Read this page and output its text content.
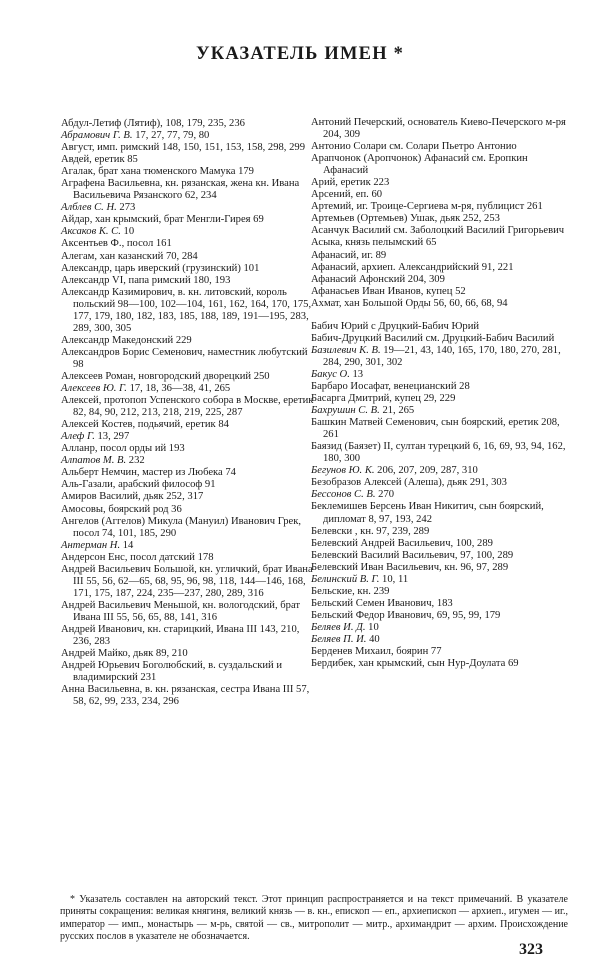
УКАЗАТЕЛЬ ИМЕН *
Абдул-Летиф (Лятиф), 108, 179, 235, 236
Абрамович Г. В. 17, 27, 77, 79, 80
Август, имп. римский 148, 150, 151, 153, 158, 298, 299
Авдей, еретик 85
Агалак, брат хана тюменского Мамука 179
Аграфена Васильевна, кн. рязанская, жена кн. Ивана Васильевича Рязанского 62, 234
Алблев С. Н. 273
Айдар, хан крымский, брат Менгли-Гирея 69
Аксаков К. С. 10
Аксентьев Ф., посол 161
Алегам, хан казанский 70, 284
Александр, царь иверский (грузинский) 101
Александр VI, папа римский 180, 193
Александр Казимирович, в. кн. литовский, король польский 98—100, 102—104, 161, 162, 164, 170, 175, 177, 179, 180, 182, 183, 185, 188, 189, 191—195, 283, 289, 300, 305
Александр Македонский 229
Александров Борис Семенович, наместник любутский 98
Алексеев Роман, новгородский дворецкий 250
Алексеев Ю. Г. 17, 18, 36—38, 41, 265
Алексей, протопоп Успенского собора в Москве, еретик 82, 84, 90, 212, 213, 218, 219, 225, 287
Алексей Костев, подьячий, еретик 84
Алеф Г. 13, 297
Алланр, посол орды ий 193
Алпатов М. В. 232
Альберт Немчин, мастер из Любека 74
Аль-Газали, арабский философ 91
Амиров Василий, дьяк 252, 317
Амосовы, боярский род 36
Ангелов (Аггелов) Микула (Мануил) Иванович Грек, посол 74, 101, 185, 290
Антерман Н. 14
Андерсон Енс, посол датский 178
Андрей Васильевич Большой, кн. угличкий, брат Ивана III 55, 56, 62—65, 68, 95, 96, 98, 118, 144—146, 168, 171, 175, 187, 224, 235—237, 280, 289, 316
Андрей Васильевич Меньшой, кн. вологодский, брат Ивана III 55, 56, 65, 88, 141, 316
Андрей Иванович, кн. старицкий, Ивана III 143, 210, 236, 283
Андрей Майко, дьяк 89, 210
Андрей Юрьевич Боголюбский, в. суздальский и владимирский 231
Анна Васильевна, в. кн. рязанская, сестра Ивана III 57, 58, 62, 99, 233, 234, 296
Антоний Печерский, основатель Киево-Печерского м-ря 204, 309
Антонио Солари см. Солари Пьетро Антонио
Арапчонок (Аропчонок) Афанасий см. Еропкин Афанасий
Арий, еретик 223
Арсений, еп. 60
Артемий, иг. Троице-Сергиева м-ря, публицист 261
Артемьев (Ортемьев) Ушак, дьяк 252, 253
Асанчук Василий см. Заболоцкий Василий Григорьевич
Асыка, князь пелымский 65
Афанасий, иг. 89
Афанасий, архиеп. Александрийский 91, 221
Афанасий Афонский 204, 309
Афанасьев Иван Иванов, купец 52
Ахмат, хан Большой Орды 56, 60, 66, 68, 94
Бабич Юрий с Друцкий-Бабич Юрий
Бабич-Друцкий Василий см. Друцкий-Бабич Василий
Базилевич К. В. 19—21, 43, 140, 165, 170, 180, 270, 281, 284, 290, 301, 302
Бакус О. 13
Барбаро Иосафат, венецианский 28
Басарга Дмитрий, купец 29, 229
Бахрушин С. В. 21, 265
Башкин Матвей Семенович, сын боярский, еретик 208, 261
Баязид (Баязет) II, султан турецкий 6, 16, 69, 93, 94, 162, 180, 300
Бегунов Ю. К. 206, 207, 209, 287, 310
Безобразов Алексей (Алеша), дьяк 291, 303
Бессонов С. В. 270
Беклемишев Берсень Иван Никитич, сын боярский, дипломат 8, 97, 193, 242
Белевски , кн. 97, 239, 289
Белевский Андрей Васильевич, 100, 289
Белевский Василий Васильевич, 97, 100, 289
Белевский Иван Васильевич, кн. 96, 97, 289
Белинский В. Г. 10, 11
Бельские, кн. 239
Бельский Семен Иванович, 183
Бельский Федор Иванович, 69, 95, 99, 179
Беляев И. Д. 10
Беляев П. И. 40
Берденев Михаил, боярин 77
Бердибек, хан крымский, сын Нур-Доулата 69
* Указатель составлен на авторский текст. Этот принцип распространяется и на текст примечаний. В указателе приняты сокращения: великая княгиня, великий князь — в. кн., епископ — еп., архиепископ — архиеп., игумен — иг., император — имп., монастырь — м-рь, святой — св., митрополит — митр., архимандрит — архим. Происхождение русских послов в указателе не обозначается.
323
